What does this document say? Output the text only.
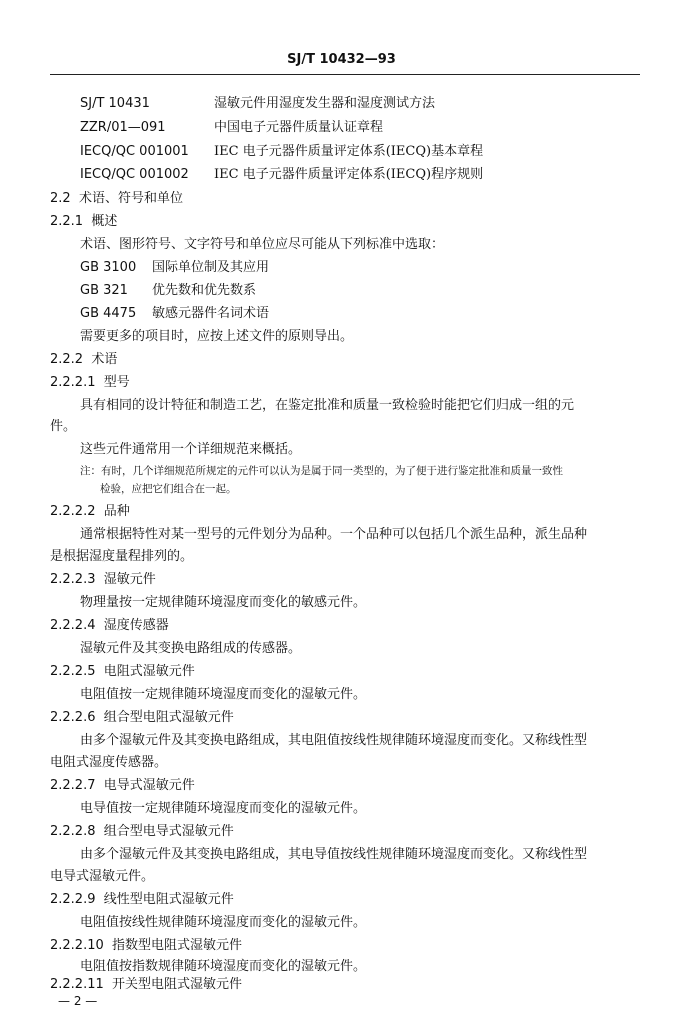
SJ/T 10432—93
SJ/T 10431	湿敏元件用湿度发生器和湿度测试方法
ZZR/01—091	中国电子元器件质量认证章程
IECQ/QC 001001 IEC 电子元器件质量评定体系(IECQ)基本章程
IECQ/QC 001002 IEC 电子元器件质量评定体系(IECQ)程序规则
2.2 术语、符号和单位
2.2.1 概述
术语、图形符号、文字符号和单位应尽可能从下列标准中选取：
GB 3100 国际单位制及其应用
GB 321 优先数和优先数系
GB 4475 敏感元器件名词术语
需要更多的项目时，应按上述文件的原则导出。
2.2.2 术语
2.2.2.1 型号
具有相同的设计特征和制造工艺，在鉴定批准和质量一致检验时能把它们归成一组的元
件。
这些元件通常用一个详细规范来概括。
注：有时，几个详细规范所规定的元件可以认为是属于同一类型的，为了便于进行鉴定批准和质量一致性
检验，应把它们组合在一起。
2.2.2.2 品种
通常根据特性对某一型号的元件划分为品种。一个品种可以包括几个派生品种，派生品种
是根据湿度量程排列的。
2.2.2.3 湿敏元件
物理量按一定规律随环境湿度而变化的敏感元件。
2.2.2.4 湿度传感器
湿敏元件及其变换电路组成的传感器。
2.2.2.5 电阻式湿敏元件
电阻值按一定规律随环境湿度而变化的湿敏元件。
2.2.2.6 组合型电阻式湿敏元件
由多个湿敏元件及其变换电路组成，其电阻值按线性规律随环境湿度而变化。又称线性型
电阻式湿度传感器。
2.2.2.7 电导式湿敏元件
电导值按一定规律随环境湿度而变化的湿敏元件。
2.2.2.8 组合型电导式湿敏元件
由多个湿敏元件及其变换电路组成，其电导值按线性规律随环境湿度而变化。又称线性型
电导式湿敏元件。
2.2.2.9 线性型电阻式湿敏元件
电阻值按线性规律随环境湿度而变化的湿敏元件。
2.2.2.10 指数型电阻式湿敏元件
电阻值按指数规律随环境湿度而变化的湿敏元件。
2.2.2.11 开关型电阻式湿敏元件
— 2 —
